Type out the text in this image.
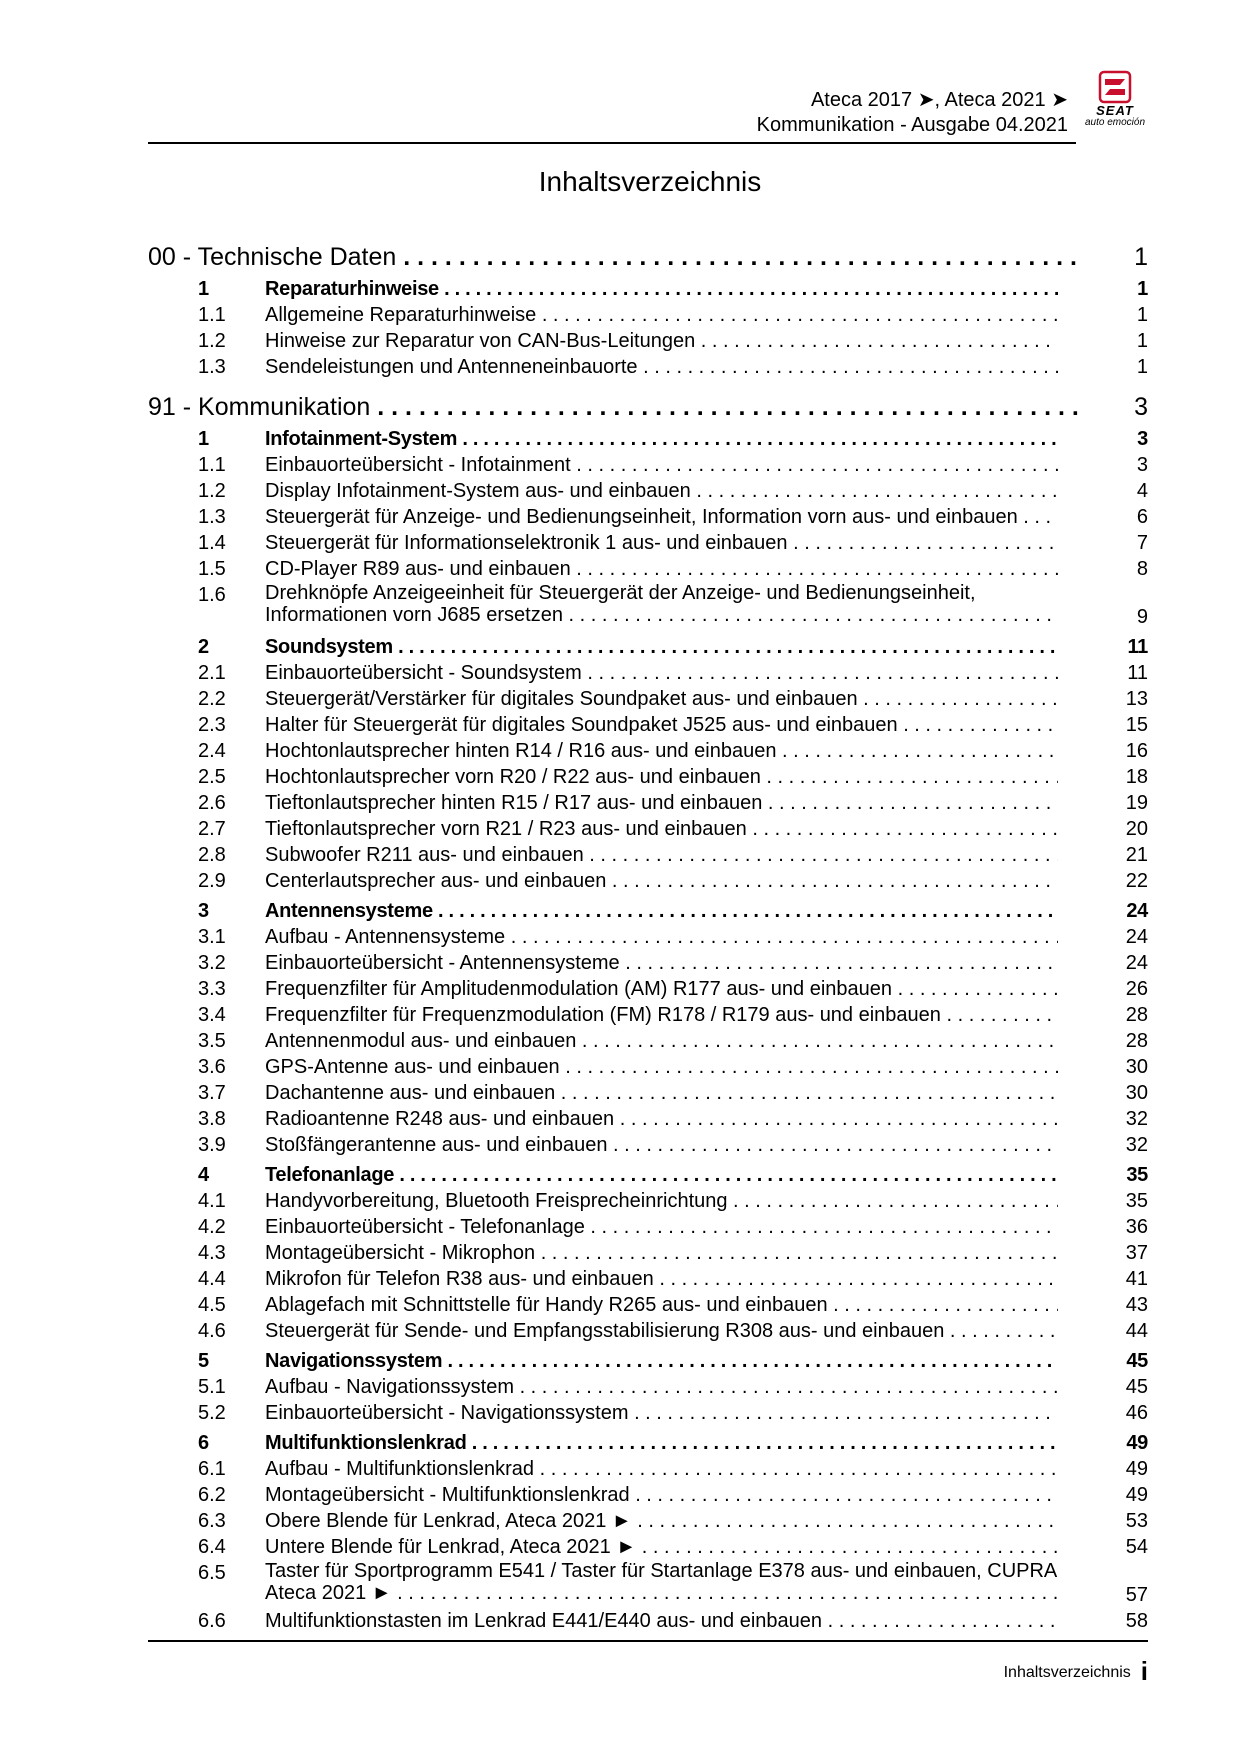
Ateca 2017 ➤, Ateca 2021 ➤
Kommunikation - Ausgabe 04.2021
SEAT
auto emoción
Inhaltsverzeichnis
00 - Technische Daten . . .	1
1	Reparaturhinweise . . .	1
1.1	Allgemeine Reparaturhinweise . . .	1
1.2	Hinweise zur Reparatur von CAN-Bus-Leitungen . . .	1
1.3	Sendeleistungen und Antenneneinbauorte . . .	1
91 - Kommunikation . . .	3
1	Infotainment-System . . .	3
1.1	Einbauorteübersicht - Infotainment . . .	3
1.2	Display Infotainment-System aus- und einbauen . . .	4
1.3	Steuergerät für Anzeige- und Bedienungseinheit, Information vorn aus- und einbauen . . .	6
1.4	Steuergerät für Informationselektronik 1 aus- und einbauen . . .	7
1.5	CD-Player R89 aus- und einbauen . . .	8
1.6	Drehknöpfe Anzeigeeinheit für Steuergerät der Anzeige- und Bedienungseinheit,
Informationen vorn J685 ersetzen . . .	9
2	Soundsystem . . .	11
2.1	Einbauorteübersicht - Soundsystem . . .	11
2.2	Steuergerät/Verstärker für digitales Soundpaket aus- und einbauen . . .	13
2.3	Halter für Steuergerät für digitales Soundpaket J525 aus- und einbauen . . .	15
2.4	Hochtonlautsprecher hinten R14 / R16 aus- und einbauen . . .	16
2.5	Hochtonlautsprecher vorn R20 / R22 aus- und einbauen . . .	18
2.6	Tieftonlautsprecher hinten R15 / R17 aus- und einbauen . . .	19
2.7	Tieftonlautsprecher vorn R21 / R23 aus- und einbauen . . .	20
2.8	Subwoofer R211 aus- und einbauen . . .	21
2.9	Centerlautsprecher aus- und einbauen . . .	22
3	Antennensysteme . . .	24
3.1	Aufbau - Antennensysteme . . .	24
3.2	Einbauorteübersicht - Antennensysteme . . .	24
3.3	Frequenzfilter für Amplitudenmodulation (AM) R177 aus- und einbauen . . .	26
3.4	Frequenzfilter für Frequenzmodulation (FM) R178 / R179 aus- und einbauen . . .	28
3.5	Antennenmodul aus- und einbauen . . .	28
3.6	GPS-Antenne aus- und einbauen . . .	30
3.7	Dachantenne aus- und einbauen . . .	30
3.8	Radioantenne R248 aus- und einbauen . . .	32
3.9	Stoßfängerantenne aus- und einbauen . . .	32
4	Telefonanlage . . .	35
4.1	Handyvorbereitung, Bluetooth Freisprecheinrichtung . . .	35
4.2	Einbauorteübersicht - Telefonanlage . . .	36
4.3	Montageübersicht - Mikrophon . . .	37
4.4	Mikrofon für Telefon R38 aus- und einbauen . . .	41
4.5	Ablagefach mit Schnittstelle für Handy R265 aus- und einbauen . . .	43
4.6	Steuergerät für Sende- und Empfangsstabilisierung R308 aus- und einbauen . . .	44
5	Navigationssystem . . .	45
5.1	Aufbau - Navigationssystem . . .	45
5.2	Einbauorteübersicht - Navigationssystem . . .	46
6	Multifunktionslenkrad . . .	49
6.1	Aufbau - Multifunktionslenkrad . . .	49
6.2	Montageübersicht - Multifunktionslenkrad . . .	49
6.3	Obere Blende für Lenkrad, Ateca 2021 ► . . .	53
6.4	Untere Blende für Lenkrad, Ateca 2021 ► . . .	54
6.5	Taster für Sportprogramm E541 / Taster für Startanlage E378 aus- und einbauen, CUPRA
Ateca 2021 ► . . .	57
6.6	Multifunktionstasten im Lenkrad E441/E440 aus- und einbauen . . .	58
Inhaltsverzeichnis i
